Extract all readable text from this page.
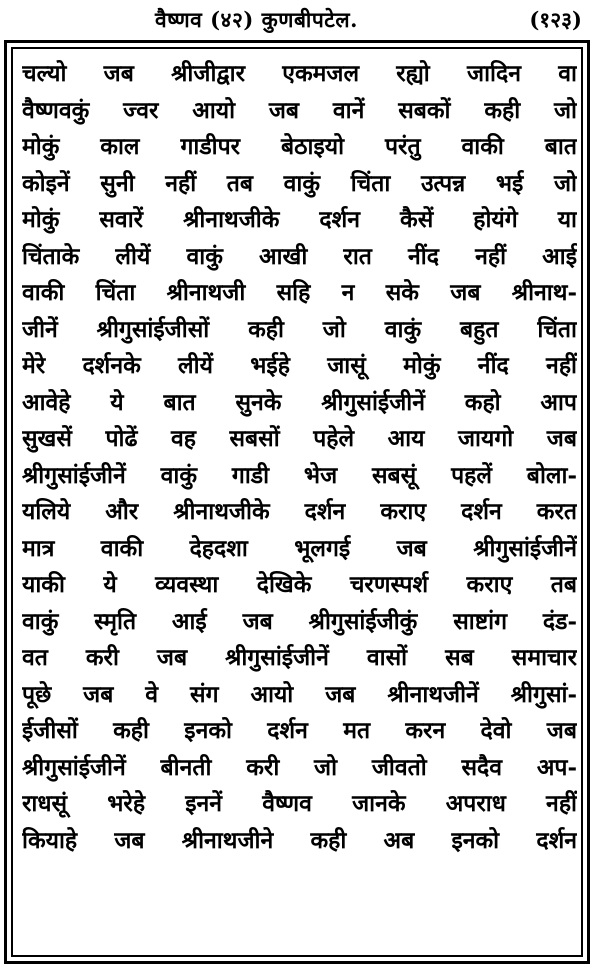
वैष्णव (४२) कुणबीपटेल.	(१२३)
चल्यो जब श्रीजीद्वार एकमजल रह्यो जादिन वा
वैष्णवकुं ज्वर आयो जब वानें सबकों कही जो
मोकुं काल गाडीपर बेठाइयो परंतु वाकी बात
कोइनें सुनी नहीं तब वाकुं चिंता उत्पन्न भई जो
मोकुं सवारें श्रीनाथजीके दर्शन कैसें होयंगे या
चिंताके लीयें वाकुं आखी रात नींद नहीं आई
वाकी चिंता श्रीनाथजी सहि न सके जब श्रीनाथ-
जीनें श्रीगुसांईजीसों कही जो वाकुं बहुत चिंता
मेरे दर्शनके लीयें भईहे जासूं मोकुं नींद नहीं
आवेहे ये बात सुनके श्रीगुसांईजीनें कहो आप
सुखसें पोढें वह सबसों पहेले आय जायगो जब
श्रीगुसांईजीनें वाकुं गाडी भेज सबसूं पहलें बोला-
यलिये और श्रीनाथजीके दर्शन कराए दर्शन करत
मात्र वाकी देहदशा भूलगई जब श्रीगुसांईजीनें
याकी ये व्यवस्था देखिके चरणस्पर्श कराए तब
वाकुं स्मृति आई जब श्रीगुसांईजीकुं साष्टांग दंड-
वत करी जब श्रीगुसांईजीनें वासों सब समाचार
पूछे जब वे संग आयो जब श्रीनाथजीनें श्रीगुसां-
ईजीसों कही इनको दर्शन मत करन देवो जब
श्रीगुसांईजीनें बीनती करी जो जीवतो सदैव अप-
राधसूं भरेहे इननें वैष्णव जानके अपराध नहीं
कियाहे जब श्रीनाथजीने कही अब इनको दर्शन
